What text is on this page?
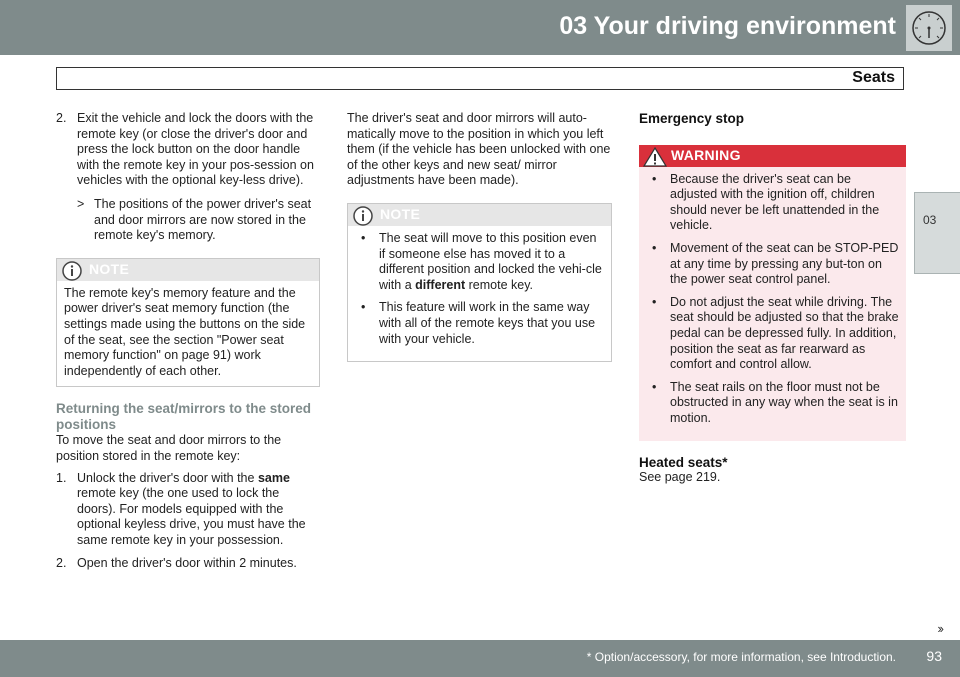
03 Your driving environment
Seats
03
2. Exit the vehicle and lock the doors with the remote key (or close the driver's door and press the lock button on the door handle with the remote key in your pos-session on vehicles with the optional key-less drive).

> The positions of the power driver's seat and door mirrors are now stored in the remote key's memory.

NOTE

The remote key's memory feature and the power driver's seat memory function (the settings made using the buttons on the side of the seat, see the section "Power seat memory function" on page 91) work independently of each other.

Returning the seat/mirrors to the stored positions

To move the seat and door mirrors to the position stored in the remote key:

1. Unlock the driver's door with the same remote key (the one used to lock the doors). For models equipped with the optional keyless drive, you must have the same remote key in your possession.

2. Open the driver's door within 2 minutes.

The driver's seat and door mirrors will auto-matically move to the position in which you left them (if the vehicle has been unlocked with one of the other keys and new seat/ mirror adjustments have been made).

NOTE
• The seat will move to this position even if someone else has moved it to a different position and locked the vehi-cle with a different remote key.

• This feature will work in the same way with all of the remote keys that you use with your vehicle.

Emergency stop

WARNING
• Because the driver's seat can be adjusted with the ignition off, children should never be left unattended in the vehicle.

• Movement of the seat can be STOP-PED at any time by pressing any but-ton on the power seat control panel.

• Do not adjust the seat while driving. The seat should be adjusted so that the brake pedal can be depressed fully. In addition, position the seat as far rearward as comfort and control allow.

• The seat rails on the floor must not be obstructed in any way when the seat is in motion.

Heated seats*

See page 219.

››
* Option/accessory, for more information, see Introduction. 93
